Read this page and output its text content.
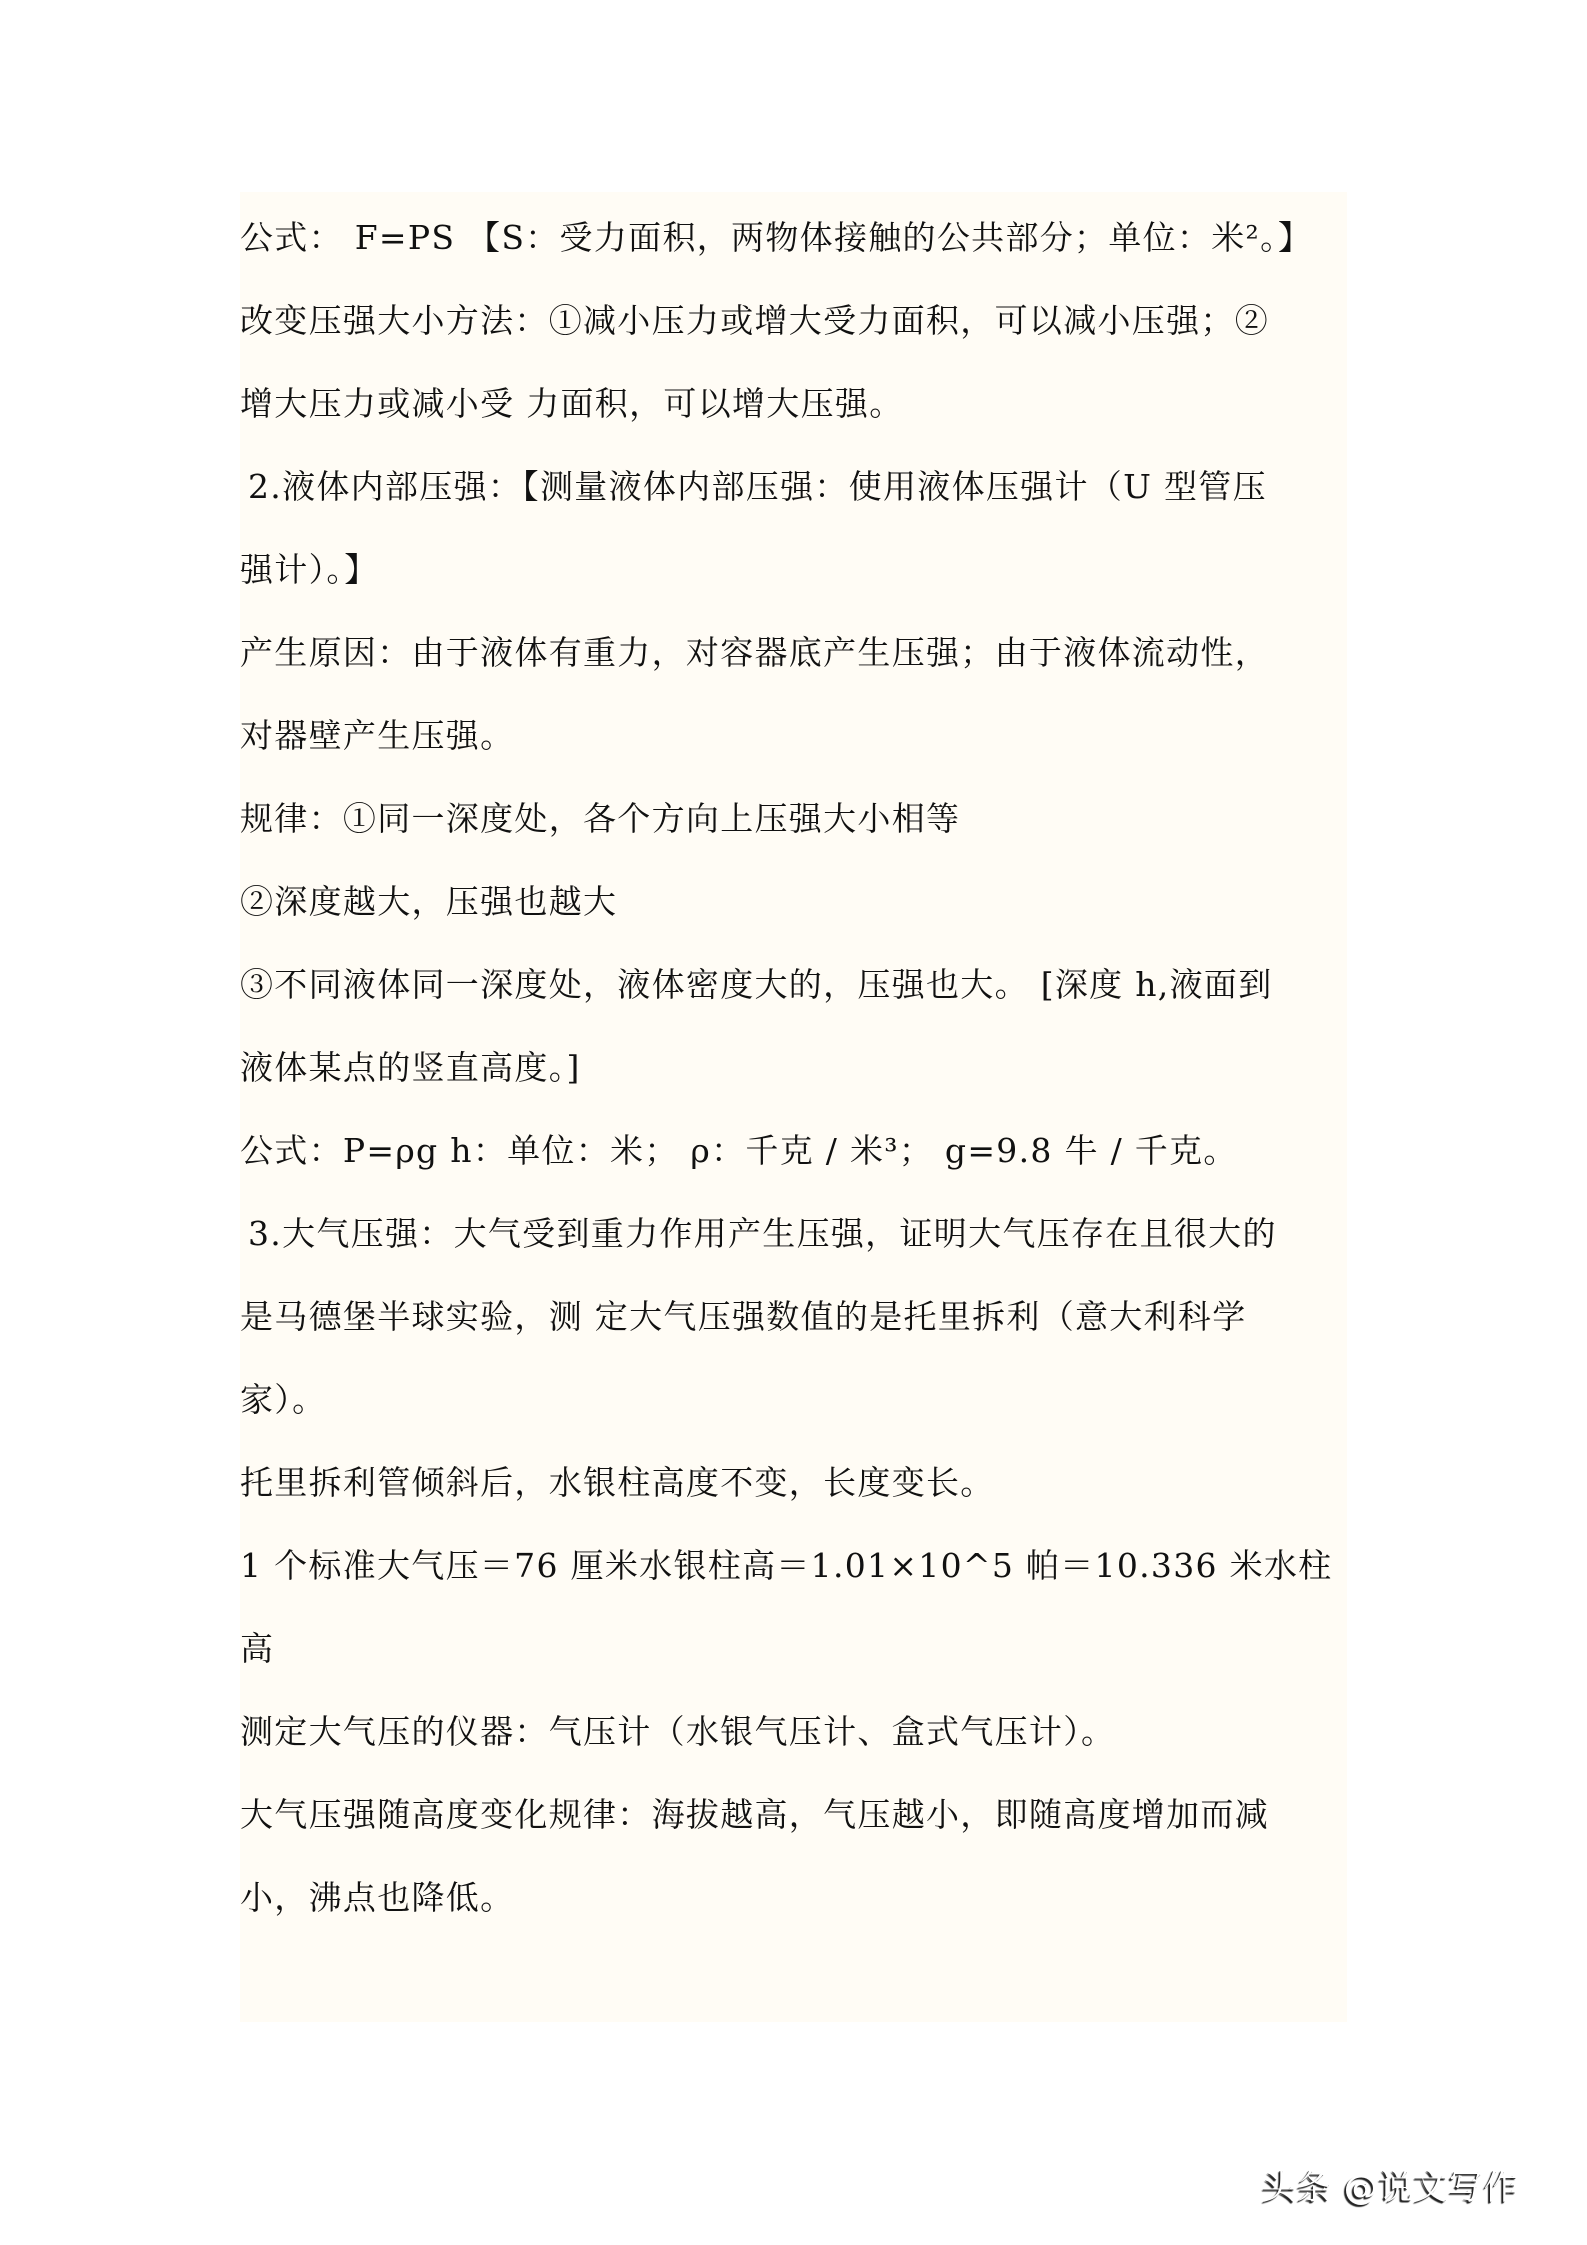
公式： F=PS 【S：受力面积，两物体接触的公共部分；单位：米²。】
改变压强大小方法：①减小压力或增大受力面积，可以减小压强；②
增大压力或减小受 力面积，可以增大压强。
2.液体内部压强：【测量液体内部压强：使用液体压强计（U 型管压
强计）。】
产生原因：由于液体有重力，对容器底产生压强；由于液体流动性，
对器壁产生压强。
规律：①同一深度处，各个方向上压强大小相等
②深度越大，压强也越大
③不同液体同一深度处，液体密度大的，压强也大。 [深度 h,液面到
液体某点的竖直高度。]
公式：P=ρg h：单位：米； ρ：千克 / 米³； g=9.8 牛 / 千克。
3.大气压强：大气受到重力作用产生压强，证明大气压存在且很大的
是马德堡半球实验，测 定大气压强数值的是托里拆利（意大利科学
家）。
托里拆利管倾斜后，水银柱高度不变，长度变长。
1 个标准大气压＝76 厘米水银柱高＝1.01×10^5 帕＝10.336 米水柱
高
测定大气压的仪器：气压计（水银气压计、盒式气压计）。
大气压强随高度变化规律：海拔越高，气压越小，即随高度增加而减
小，沸点也降低。
头条 @说文写作
